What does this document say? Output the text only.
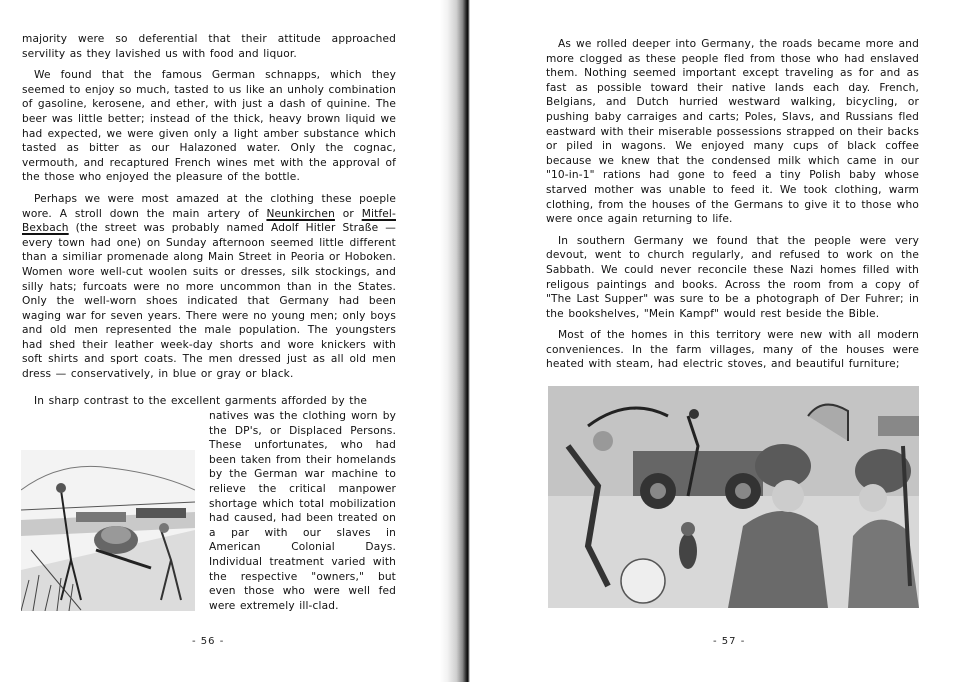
majority were so deferential that their attitude approached servility as they lavished us with food and liquor.

We found that the famous German schnapps, which they seemed to enjoy so much, tasted to us like an unholy combination of gasoline, kerosene, and ether, with just a dash of quinine. The beer was little better; instead of the thick, heavy brown liquid we had expected, we were given only a light amber substance which tasted as bitter as our Halazoned water. Only the cognac, vermouth, and recaptured French wines met with the approval of the those who enjoyed the pleasure of the bottle.

Perhaps we were most amazed at the clothing these poeple wore. A stroll down the main artery of Neunkirchen or Mitfel-Bexbach (the street was probably named Adolf Hitler Straße — every town had one) on Sunday afternoon seemed little different than a similiar promenade along Main Street in Peoria or Hoboken. Women wore well-cut woolen suits or dresses, silk stockings, and silly hats; furcoats were no more uncommon than in the States. Only the well-worn shoes indicated that Germany had been waging war for seven years. There were no young men; only boys and old men represented the male population. The youngsters had shed their leather week-day shorts and wore knickers with soft shirts and sport coats. The men dressed just as all old men dress — conservatively, in blue or gray or black.

In sharp contrast to the excellent garments afforded by the
natives was the clothing worn by the DP's, or Displaced Persons. These unfortunates, who had been taken from their homelands by the German war machine to relieve the critical manpower shortage which total mobilization had caused, had been treated on a par with our slaves in American Colonial Days. Individual treatment varied with the respective "owners," but even those who were well fed were extremely ill-clad.
- 56 -

As we rolled deeper into Germany, the roads became more and more clogged as these people fled from those who had enslaved them. Nothing seemed important except traveling as for and as fast as possible toward their native lands each day. French, Belgians, and Dutch hurried westward walking, bicycling, or pushing baby carraiges and carts; Poles, Slavs, and Russians fled eastward with their miserable possessions strapped on their backs or piled in wagons. We enjoyed many cups of black coffee because we knew that the condensed milk which came in our "10-in-1" rations had gone to feed a tiny Polish baby whose starved mother was unable to feed it. We took clothing, warm clothing, from the houses of the Germans to give it to those who were once again returning to life.

In southern Germany we found that the people were very devout, went to church regularly, and refused to work on the Sabbath. We could never reconcile these Nazi homes filled with religous paintings and books. Across the room from a copy of "The Last Supper" was sure to be a photograph of Der Fuhrer; in the bookshelves, "Mein Kampf" would rest beside the Bible.

Most of the homes in this territory were new with all modern conveniences. In the farm villages, many of the houses were heated with steam, had electric stoves, and beautiful furniture;

- 57 -
